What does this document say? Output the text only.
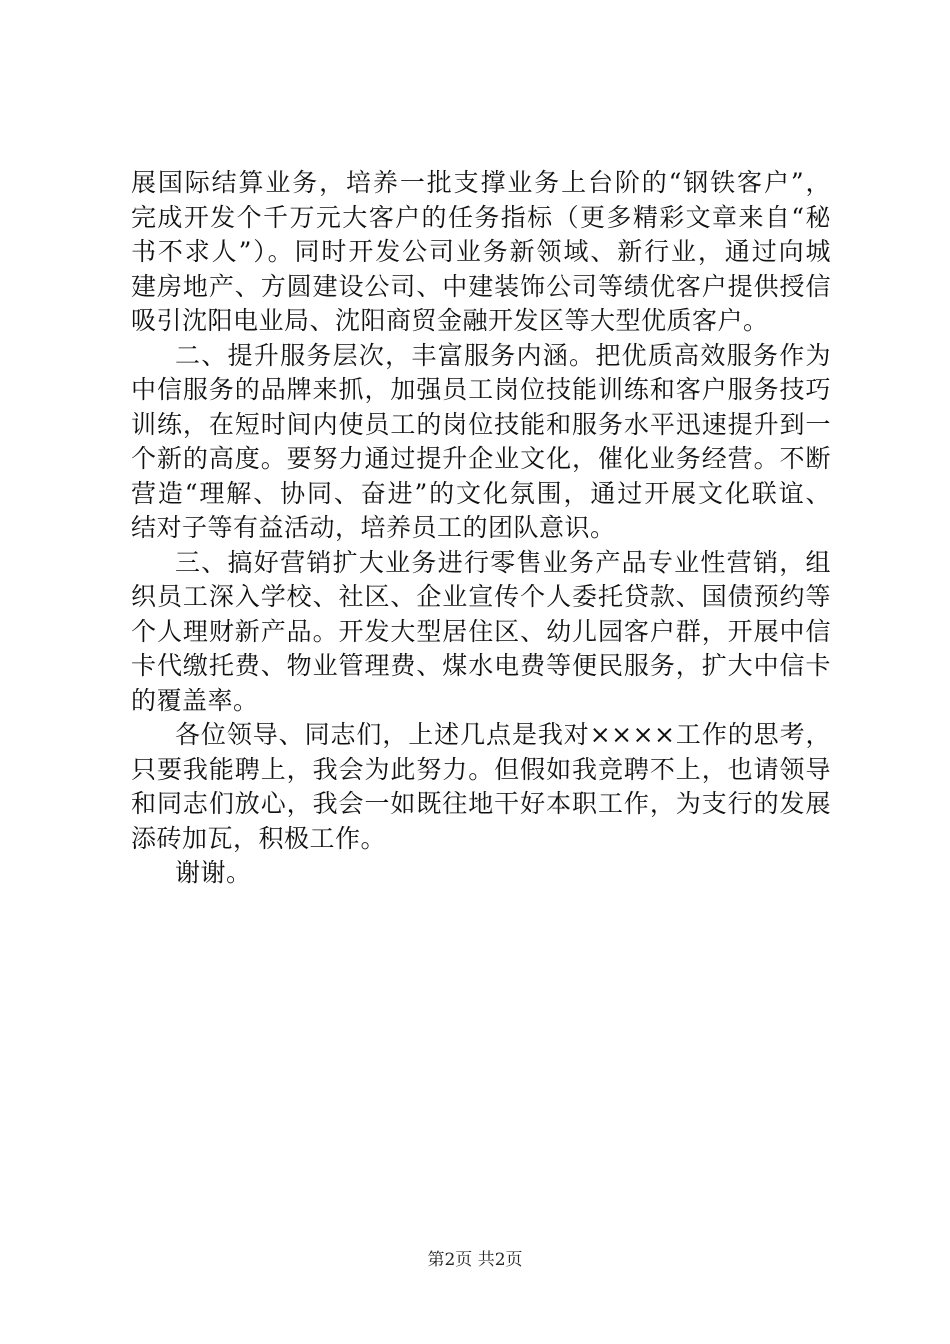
展国际结算业务，培养一批支撑业务上台阶的“钢铁客户”，
完成开发个千万元大客户的任务指标（更多精彩文章来自“秘
书不求人”）。同时开发公司业务新领域、新行业，通过向城
建房地产、方圆建设公司、中建装饰公司等绩优客户提供授信
吸引沈阳电业局、沈阳商贸金融开发区等大型优质客户。
二、提升服务层次，丰富服务内涵。把优质高效服务作为
中信服务的品牌来抓，加强员工岗位技能训练和客户服务技巧
训练，在短时间内使员工的岗位技能和服务水平迅速提升到一
个新的高度。要努力通过提升企业文化，催化业务经营。不断
营造“理解、协同、奋进”的文化氛围，通过开展文化联谊、
结对子等有益活动，培养员工的团队意识。
三、搞好营销扩大业务进行零售业务产品专业性营销，组
织员工深入学校、社区、企业宣传个人委托贷款、国债预约等
个人理财新产品。开发大型居住区、幼儿园客户群，开展中信
卡代缴托费、物业管理费、煤水电费等便民服务，扩大中信卡
的覆盖率。
各位领导、同志们，上述几点是我对××××工作的思考，
只要我能聘上，我会为此努力。但假如我竞聘不上，也请领导
和同志们放心，我会一如既往地干好本职工作，为支行的发展
添砖加瓦，积极工作。
谢谢。
第2页 共2页
